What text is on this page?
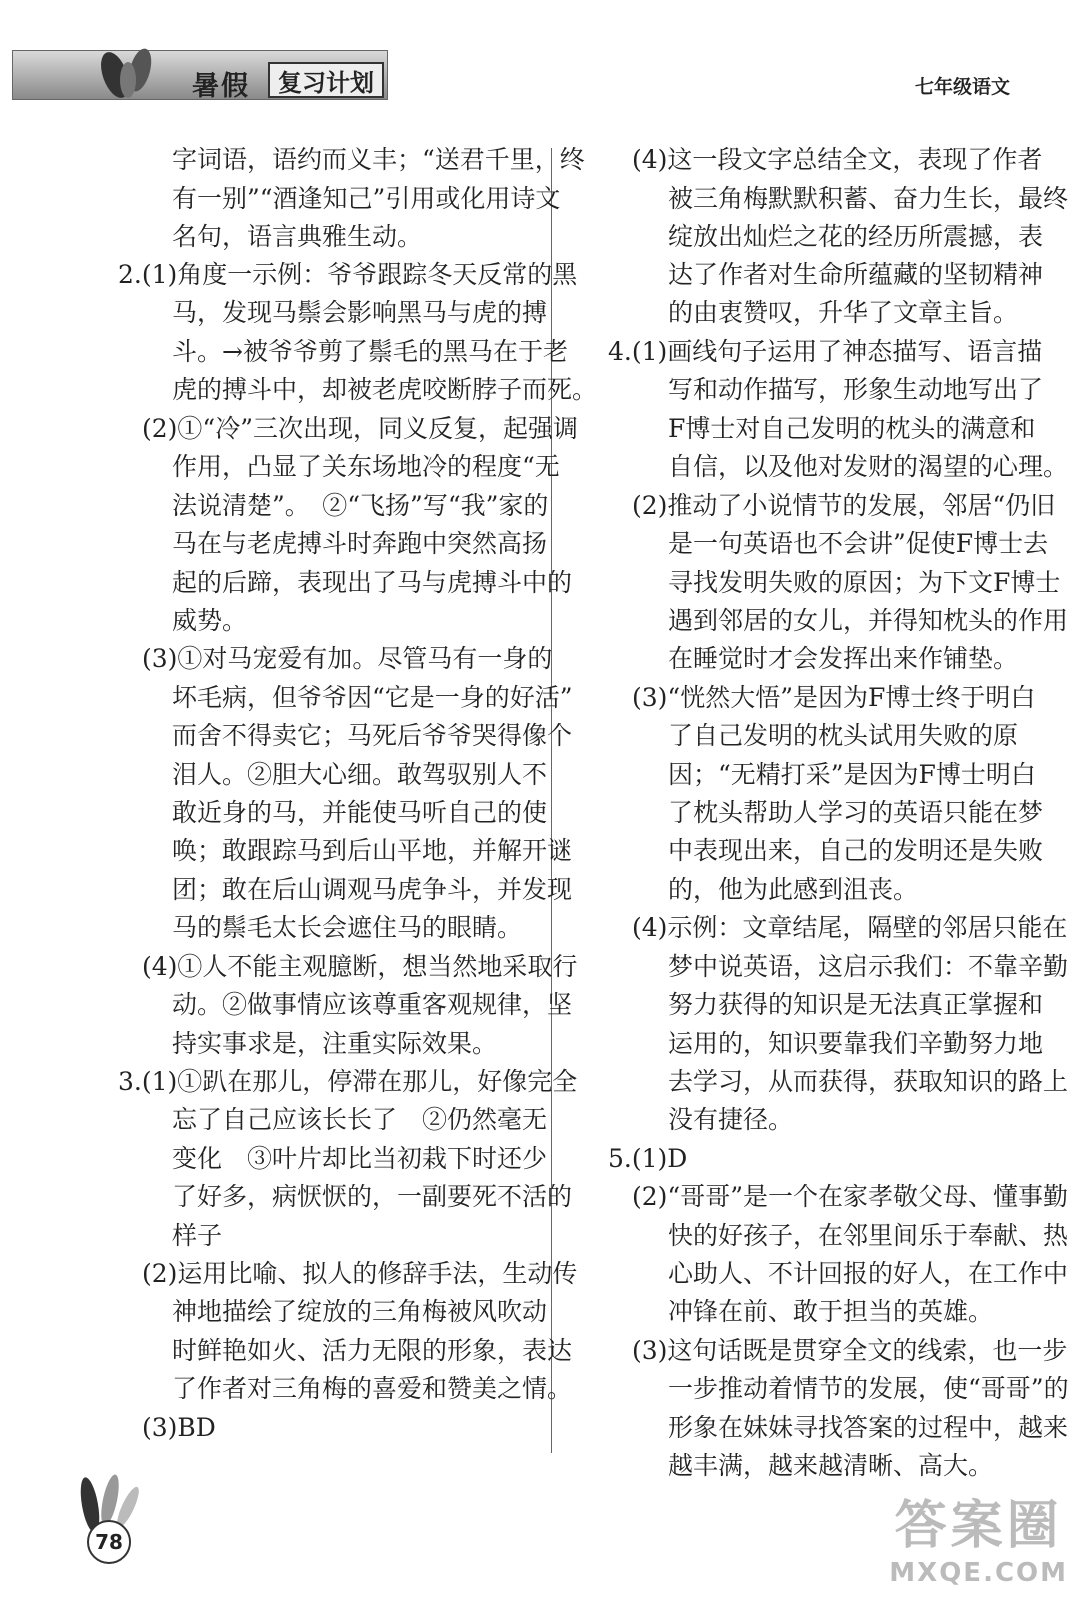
暑假	复习计划	七年级语文
字词语，语约而义丰；“送君千里，终
有一别”“酒逢知己”引用或化用诗文
名句，语言典雅生动。
2.(1)角度一示例：爷爷跟踪冬天反常的黑
马，发现马鬃会影响黑马与虎的搏
斗。→被爷爷剪了鬃毛的黑马在于老
虎的搏斗中，却被老虎咬断脖子而死。
(2)①“冷”三次出现，同义反复，起强调
作用，凸显了关东场地冷的程度“无
法说清楚”。　②“飞扬”写“我”家的
马在与老虎搏斗时奔跑中突然高扬
起的后蹄，表现出了马与虎搏斗中的
威势。
(3)①对马宠爱有加。尽管马有一身的
坏毛病，但爷爷因“它是一身的好活”
而舍不得卖它；马死后爷爷哭得像个
泪人。②胆大心细。敢驾驭别人不
敢近身的马，并能使马听自己的使
唤；敢跟踪马到后山平地，并解开谜
团；敢在后山调观马虎争斗，并发现
马的鬃毛太长会遮住马的眼睛。
(4)①人不能主观臆断，想当然地采取行
动。②做事情应该尊重客观规律，坚
持实事求是，注重实际效果。
3.(1)①趴在那儿，停滞在那儿，好像完全
忘了自己应该长长了　②仍然毫无
变化　③叶片却比当初栽下时还少
了好多，病恹恹的，一副要死不活的
样子
(2)运用比喻、拟人的修辞手法，生动传
神地描绘了绽放的三角梅被风吹动
时鲜艳如火、活力无限的形象，表达
了作者对三角梅的喜爱和赞美之情。
(3)BD
(4)这一段文字总结全文，表现了作者
被三角梅默默积蓄、奋力生长，最终
绽放出灿烂之花的经历所震撼，表
达了作者对生命所蕴藏的坚韧精神
的由衷赞叹，升华了文章主旨。
4.(1)画线句子运用了神态描写、语言描
写和动作描写，形象生动地写出了
F博士对自己发明的枕头的满意和
自信，以及他对发财的渴望的心理。
(2)推动了小说情节的发展，邻居“仍旧
是一句英语也不会讲”促使F博士去
寻找发明失败的原因；为下文F博士
遇到邻居的女儿，并得知枕头的作用
在睡觉时才会发挥出来作铺垫。
(3)“恍然大悟”是因为F博士终于明白
了自己发明的枕头试用失败的原
因；“无精打采”是因为F博士明白
了枕头帮助人学习的英语只能在梦
中表现出来，自己的发明还是失败
的，他为此感到沮丧。
(4)示例：文章结尾，隔壁的邻居只能在
梦中说英语，这启示我们：不靠辛勤
努力获得的知识是无法真正掌握和
运用的，知识要靠我们辛勤努力地
去学习，从而获得，获取知识的路上
没有捷径。
5.(1)D
(2)“哥哥”是一个在家孝敬父母、懂事勤
快的好孩子，在邻里间乐于奉献、热
心助人、不计回报的好人，在工作中
冲锋在前、敢于担当的英雄。
(3)这句话既是贯穿全文的线索，也一步
一步推动着情节的发展，使“哥哥”的
形象在妹妹寻找答案的过程中，越来
越丰满，越来越清晰、高大。
78	答案圈
MXQE.COM
